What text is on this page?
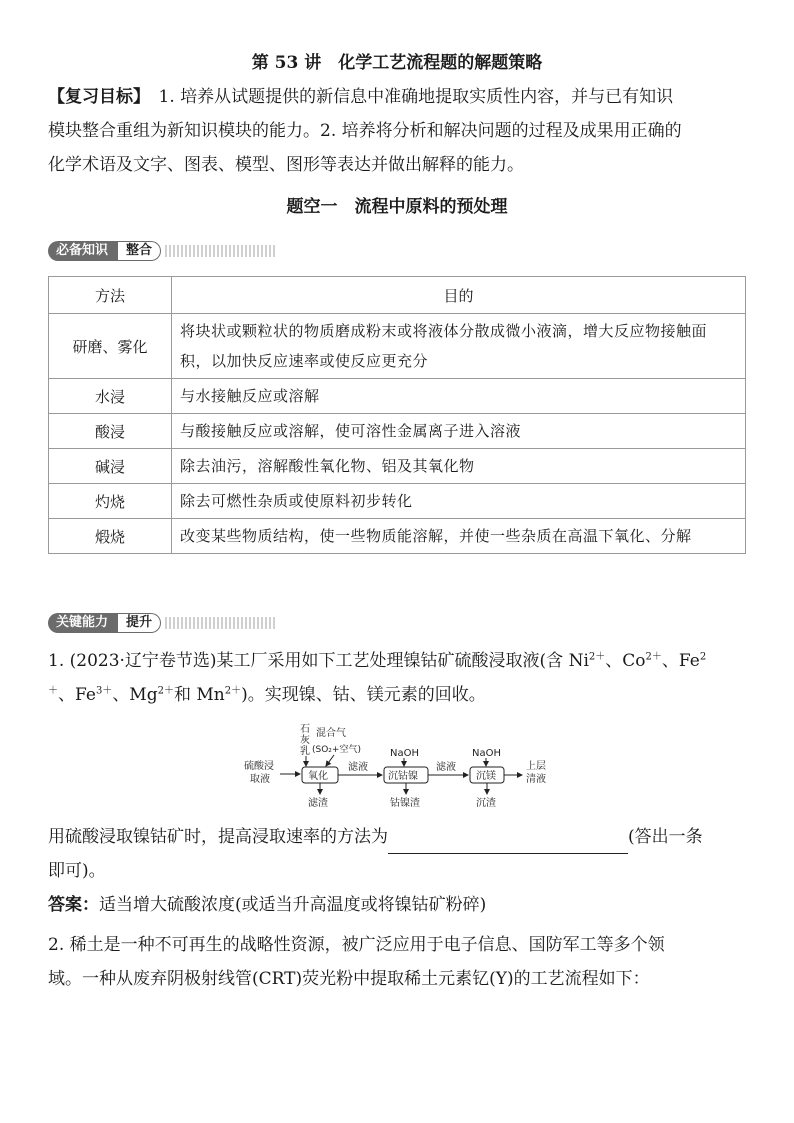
第 53 讲　化学工艺流程题的解题策略
【复习目标】　1. 培养从试题提供的新信息中准确地提取实质性内容，并与已有知识
模块整合重组为新知识模块的能力。2. 培养将分析和解决问题的过程及成果用正确的
化学术语及文字、图表、模型、图形等表达并做出解释的能力。
题空一　流程中原料的预处理
必备知识	整合
方法	目的
研磨、雾化	将块状或颗粒状的物质磨成粉末或将液体分散成微小液滴，增大反应物接触面积，以加快反应速率或使反应更充分
水浸	与水接触反应或溶解
酸浸	与酸接触反应或溶解，使可溶性金属离子进入溶液
碱浸	除去油污，溶解酸性氧化物、铝及其氧化物
灼烧	除去可燃性杂质或使原料初步转化
煅烧	改变某些物质结构，使一些物质能溶解，并使一些杂质在高温下氧化、分解
关键能力	提升
1. (2023·辽宁卷节选)某工厂采用如下工艺处理镍钴矿硫酸浸取液(含 $Ni^{2+}$、$Co^{2+}$、Fe$^2$
＋、$Fe^{3+}$、$Mg^{2+}$和 $Mn^{2+}$)。实现镍、钴、镁元素的回收。
硫酸浸
取液
石
灰
乳
混合气
(SO₂+空气)
氧化
滤渣
滤液
NaOH
沉钴镍
钴镍渣
滤液
NaOH
沉镁
沉渣
上层
清液
用硫酸浸取镍钴矿时，提高浸取速率的方法为	(答出一条
即可)。
答案：适当增大硫酸浓度(或适当升高温度或将镍钴矿粉碎)
2. 稀土是一种不可再生的战略性资源，被广泛应用于电子信息、国防军工等多个领
域。一种从废弃阴极射线管(CRT)荧光粉中提取稀土元素钇(Y)的工艺流程如下：
